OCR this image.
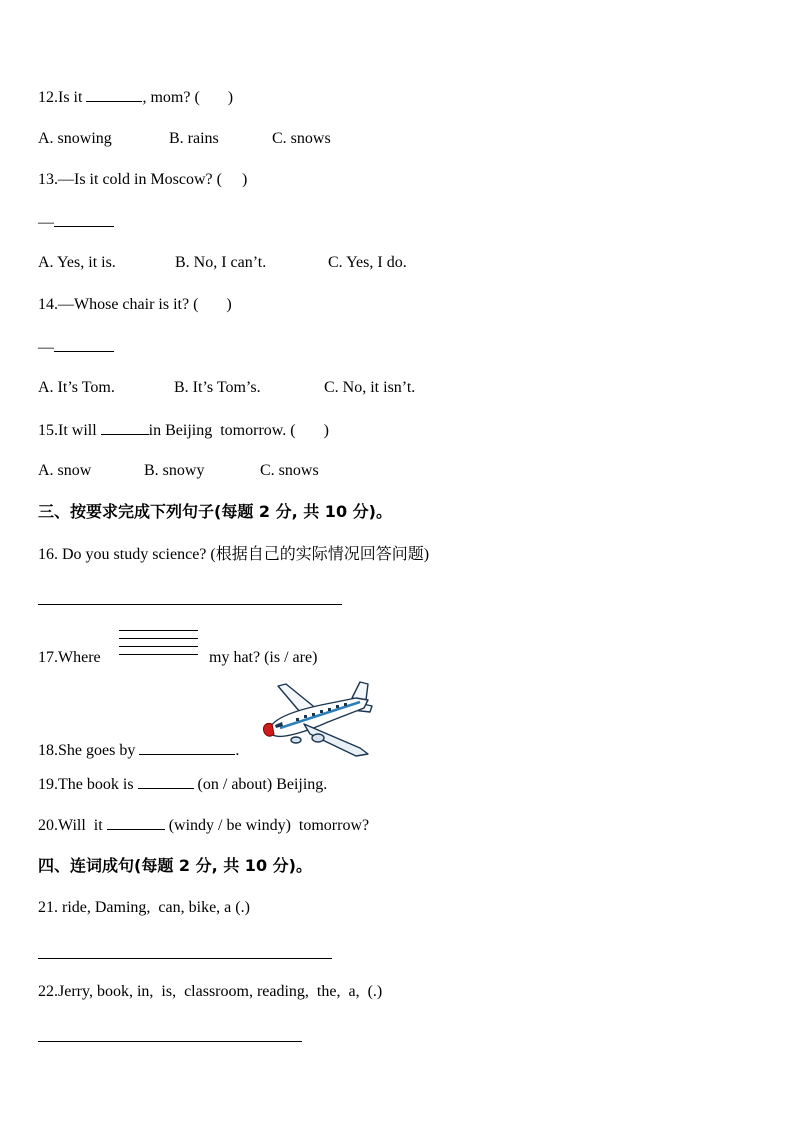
12.Is it	, mom? (       )
A. snowing	B. rains	C. snows
13.—Is it cold in Moscow? (     )
—
A. Yes, it is.	B. No, I can’t.	C. Yes, I do.
14.—Whose chair is it? (       )
—
A. It’s Tom.	B. It’s Tom’s.	C. No, it isn’t.
15.It will	in Beijing  tomorrow. (       )
A. snow	B. snowy	C. snows
三、按要求完成下列句子(每题 2 分, 共 10 分)。
16. Do you study science? (根据自己的实际情况回答问题)
17.Where	my hat? (is / are)
18.She goes by	.
19.The book is	(on / about) Beijing.
20.Will  it	(windy / be windy)  tomorrow?
四、连词成句(每题 2 分, 共 10 分)。
21. ride, Daming,  can, bike, a (.)
22.Jerry, book, in,  is,  classroom, reading,  the,  a,  (.)
